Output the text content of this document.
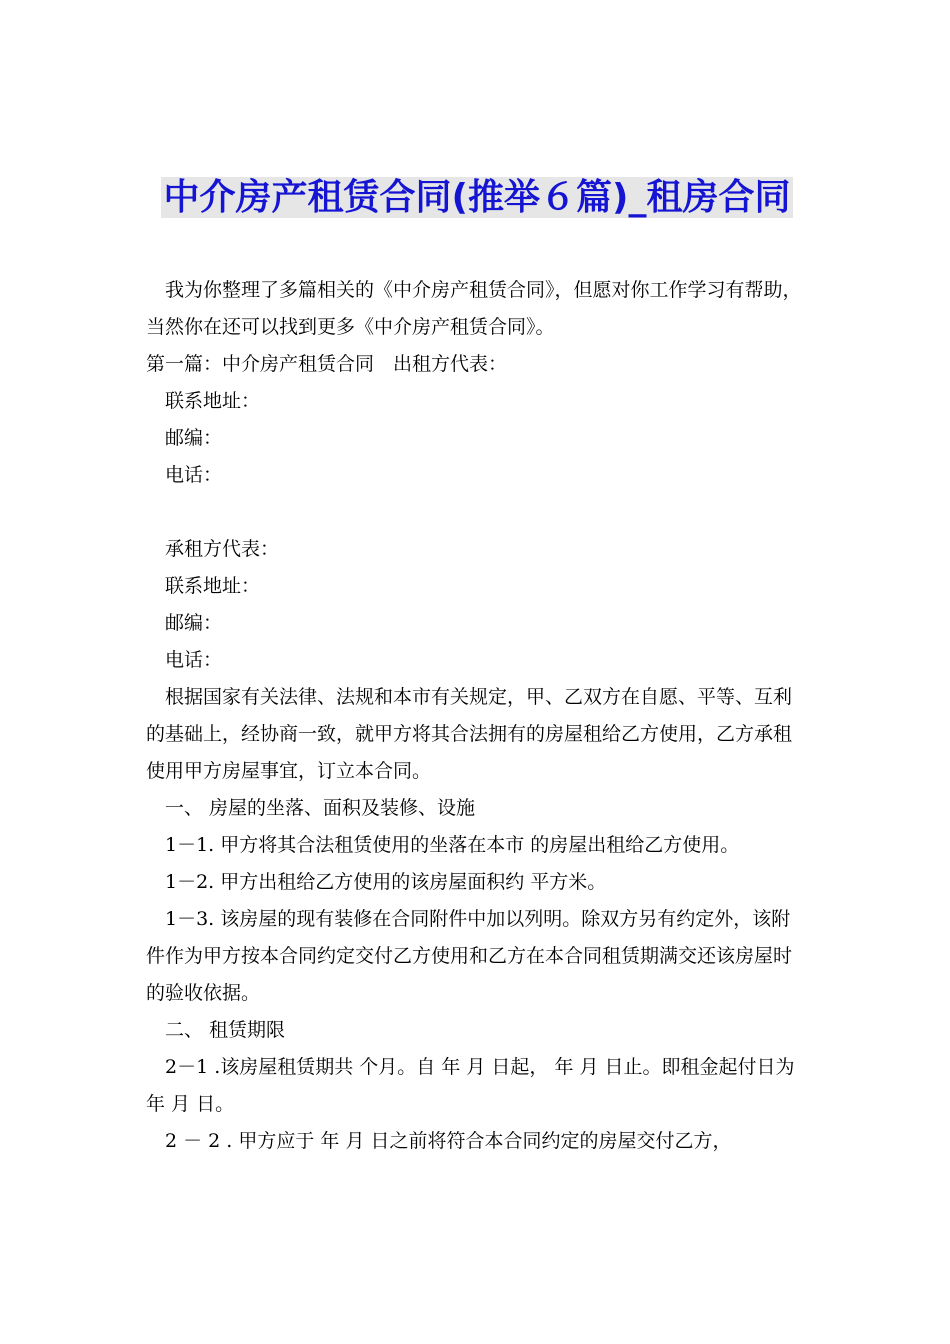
中介房产租赁合同(推举６篇)_租房合同

我为你整理了多篇相关的《中介房产租赁合同》，但愿对你工作学习有帮助，当然你在还可以找到更多《中介房产租赁合同》。

第一篇：中介房产租赁合同　出租方代表：

联系地址：

邮编：

电话：

承租方代表：

联系地址：

邮编：

电话：

根据国家有关法律、法规和本市有关规定，甲、乙双方在自愿、平等、互利的基础上，经协商一致，就甲方将其合法拥有的房屋租给乙方使用，乙方承租使用甲方房屋事宜，订立本合同。

一、 房屋的坐落、面积及装修、设施

1－1. 甲方将其合法租赁使用的坐落在本市 的房屋出租给乙方使用。

1－2. 甲方出租给乙方使用的该房屋面积约 平方米。

1－3. 该房屋的现有装修在合同附件中加以列明。除双方另有约定外，该附件作为甲方按本合同约定交付乙方使用和乙方在本合同租赁期满交还该房屋时的验收依据。

二、 租赁期限

2－1 .该房屋租赁期共 个月。自 年 月 日起， 年 月 日止。即租金起付日为 年 月 日。

2 － 2 . 甲方应于 年 月 日之前将符合本合同约定的房屋交付乙方，
